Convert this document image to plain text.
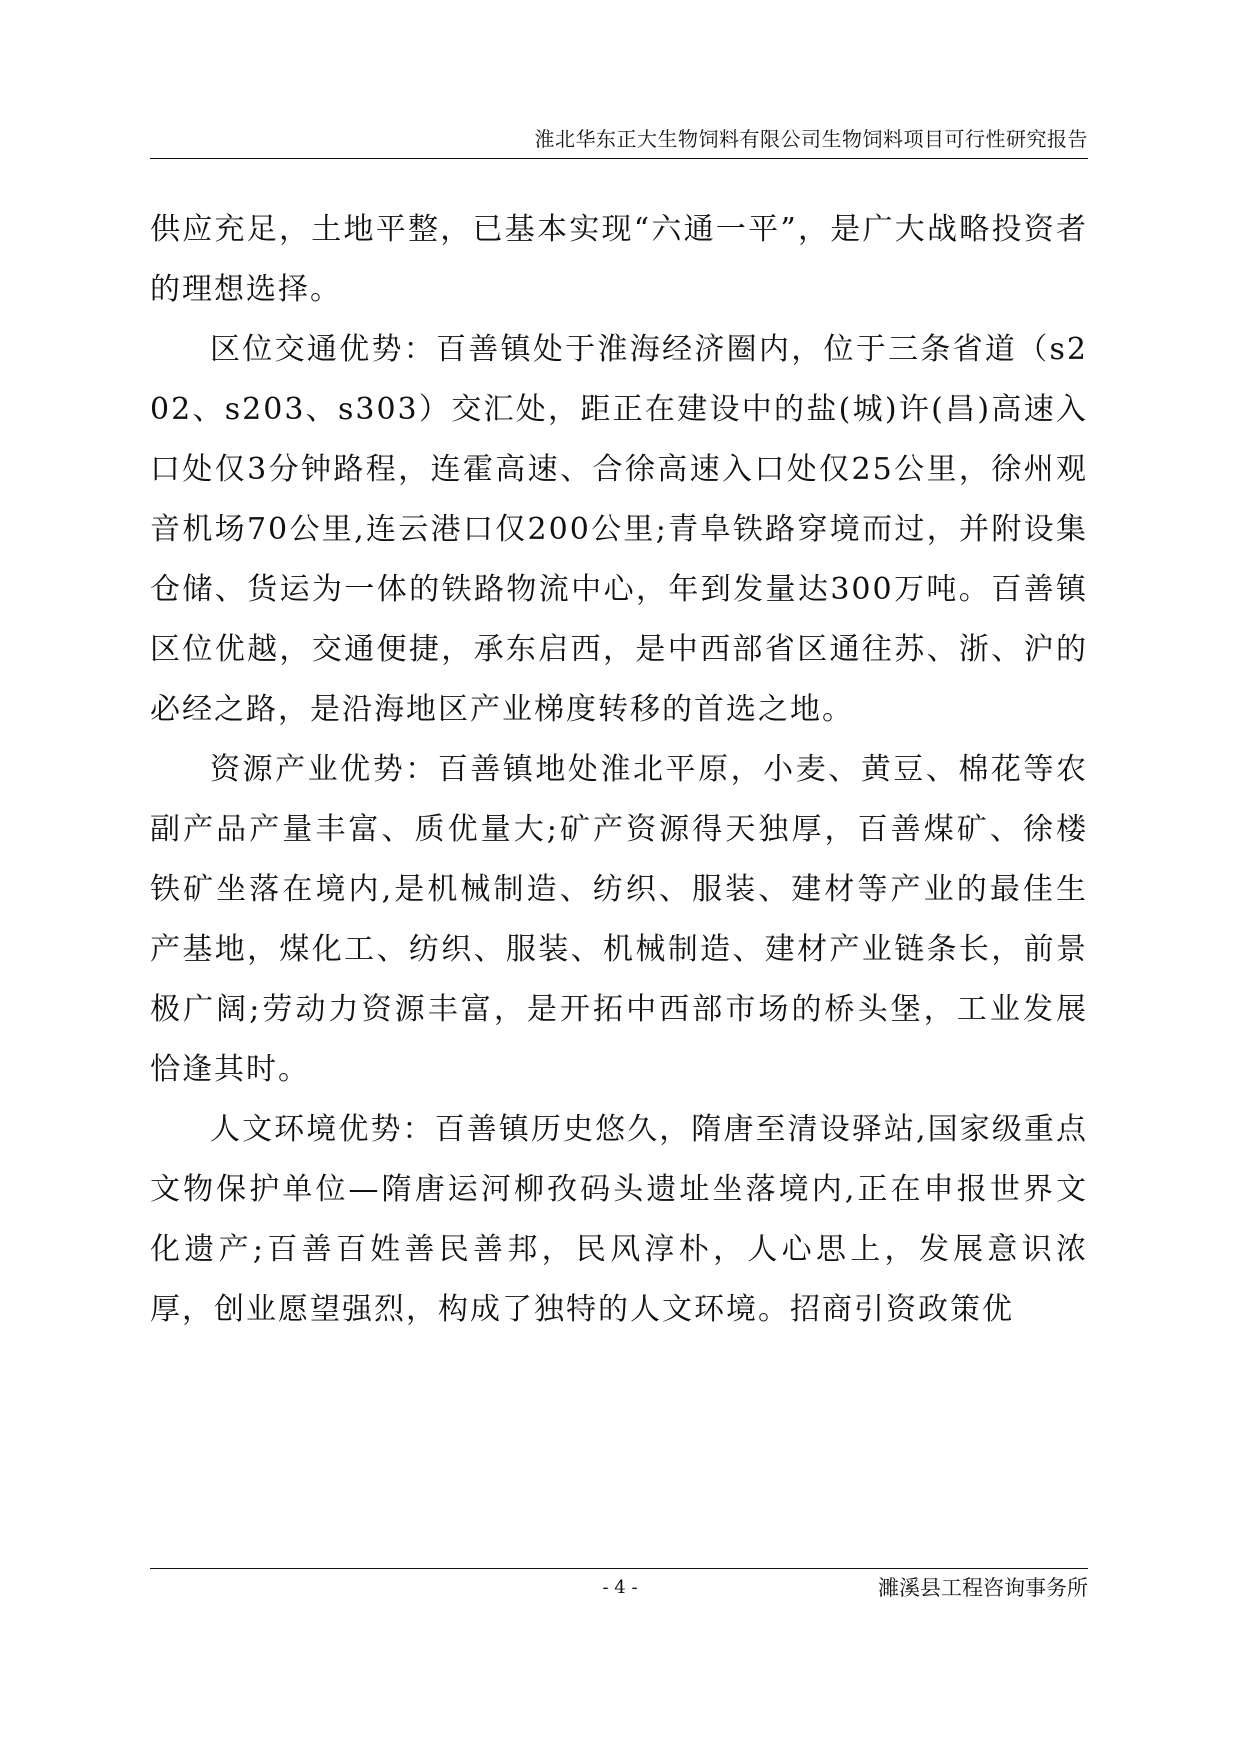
淮北华东正大生物饲料有限公司生物饲料项目可行性研究报告

供应充足，土地平整，已基本实现“六通一平”，是广大战略投资者的理想选择。

区位交通优势：百善镇处于淮海经济圈内，位于三条省道（s202、s203、s303）交汇处，距正在建设中的盐(城)许(昌)高速入口处仅3分钟路程，连霍高速、合徐高速入口处仅25公里，徐州观音机场70公里,连云港口仅200公里;青阜铁路穿境而过，并附设集仓储、货运为一体的铁路物流中心，年到发量达300万吨。百善镇区位优越，交通便捷，承东启西，是中西部省区通往苏、浙、沪的必经之路，是沿海地区产业梯度转移的首选之地。

资源产业优势：百善镇地处淮北平原，小麦、黄豆、棉花等农副产品产量丰富、质优量大;矿产资源得天独厚，百善煤矿、徐楼铁矿坐落在境内,是机械制造、纺织、服装、建材等产业的最佳生产基地，煤化工、纺织、服装、机械制造、建材产业链条长，前景极广阔;劳动力资源丰富，是开拓中西部市场的桥头堡，工业发展恰逢其时。

人文环境优势：百善镇历史悠久，隋唐至清设驿站,国家级重点文物保护单位—隋唐运河柳孜码头遗址坐落境内,正在申报世界文化遗产;百善百姓善民善邦，民风淳朴，人心思上，发展意识浓厚，创业愿望强烈，构成了独特的人文环境。招商引资政策优

- 4 -	濉溪县工程咨询事务所
